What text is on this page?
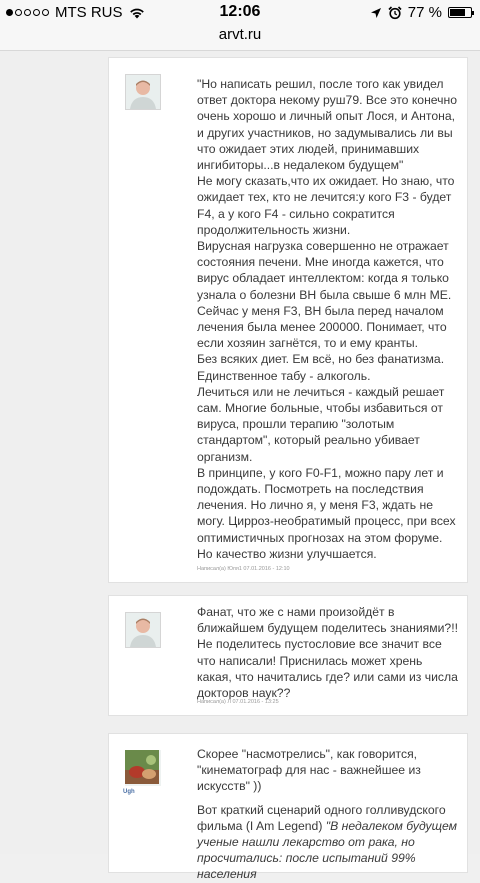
MTS RUS	12:06	77 %
arvt.ru

"Но написать решил, после того как увидел ответ доктора некому руш79. Все это конечно очень хорошо и личный опыт Лося, и Антона, и других участников, но задумывались ли вы что ожидает этих людей, принимавших ингибиторы...в недалеком будущем"

Не могу сказать,что их ожидает. Но знаю, что ожидает тех, кто не лечится:у кого F3 - будет F4, а у кого F4 - сильно сократится продолжительность жизни.

Вирусная нагрузка совершенно не отражает состояния печени. Мне иногда кажется, что вирус обладает интеллектом: когда я только узнала о болезни ВН была свыше 6 млн МЕ. Сейчас у меня F3, ВН была перед началом лечения была менее 200000. Понимает, что если хозяин загнётся, то и ему кранты.

Без всяких диет. Ем всё, но без фанатизма. Единственное табу - алкоголь.

Лечиться или не лечиться - каждый решает сам. Многие больные, чтобы избавиться от вируса, прошли терапию "золотым стандартом", который реально убивает организм.

В принципе, у кого F0-F1, можно пару лет и подождать. Посмотреть на последствия лечения. Но лично я, у меня F3, ждать не могу. Цирроз-необратимый процесс, при всех оптимистичных прогнозах на этом форуме. Но качество жизни улучшается.

Написал(а) Юля1 07.01.2016 - 12:10

Фанат, что же с нами произойдёт в ближайшем будущем поделитесь знаниями?!! Не поделитесь пустословие все значит все что написали! Приснилась может хрень какая, что начитались где? или сами из числа докторов наук??

Написал(а) Л 07.01.2016 - 13:25
Ugh

Скорее "насмотрелись", как говорится, "кинематограф для нас - важнейшее из искусств" ))

Вот краткий сценарий одного голливудского фильма (I Am Legend) "В недалеком будущем ученые нашли лекарство от рака, но просчитались: после испытаний 99% населения
